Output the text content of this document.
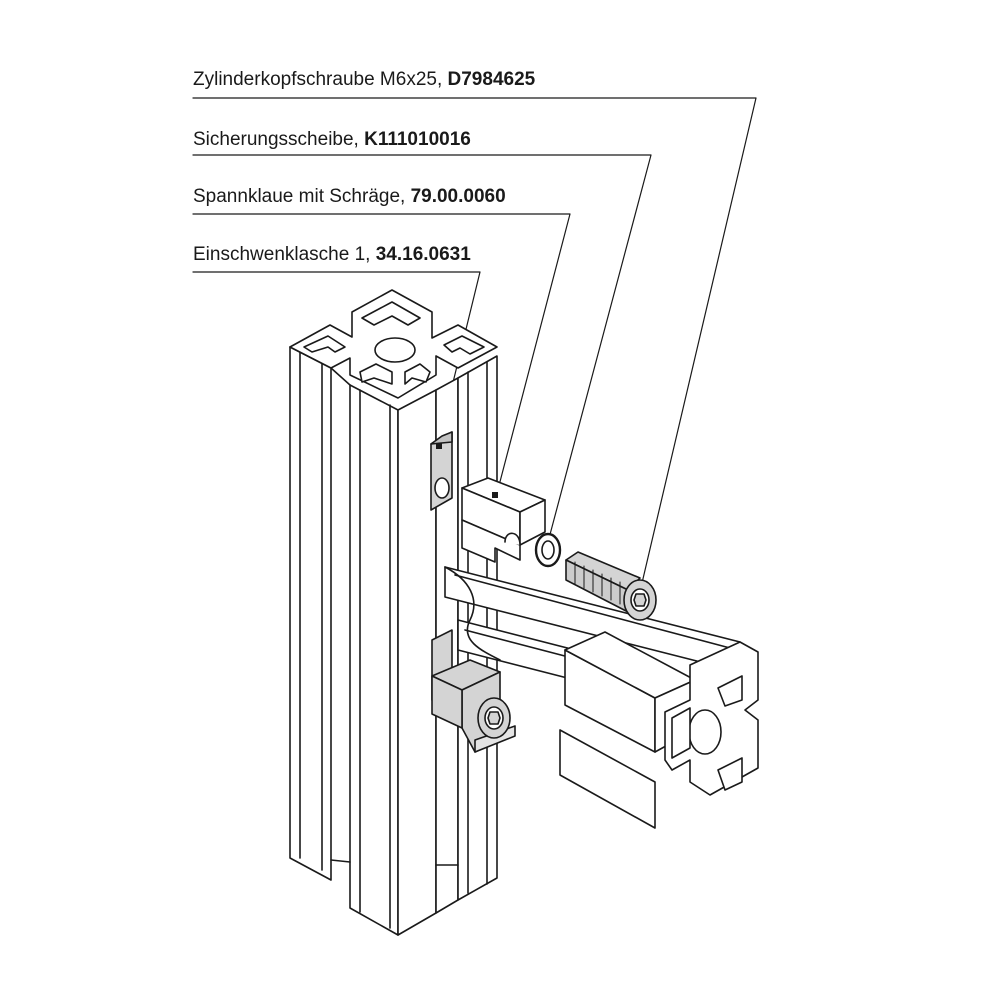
Zylinderkopfschraube M6x25, D7984625
Sicherungsscheibe, K111010016
Spannklaue mit Schräge, 79.00.0060
Einschwenklasche 1, 34.16.0631
